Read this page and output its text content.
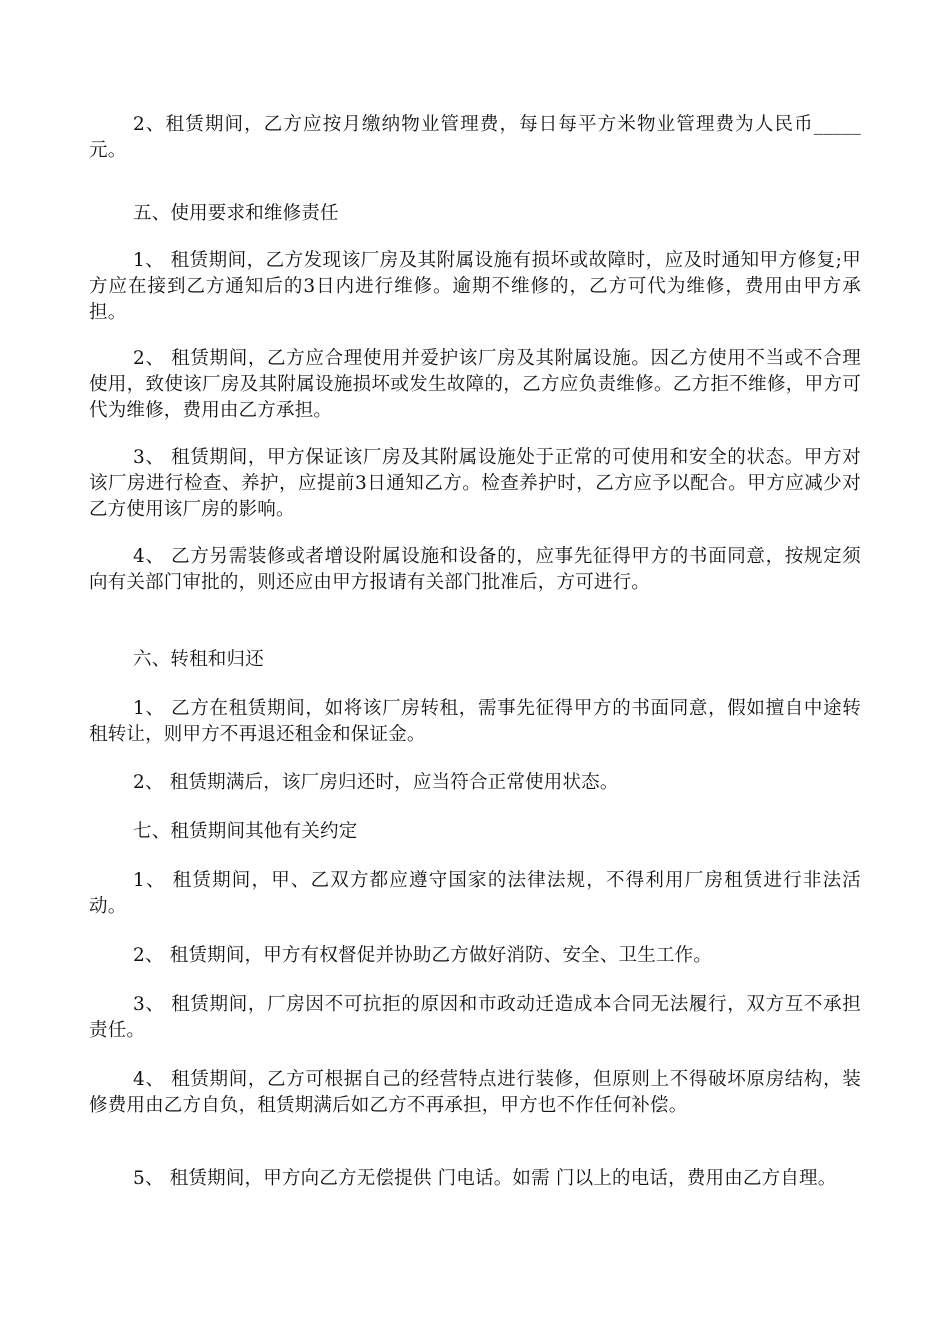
2、租赁期间，乙方应按月缴纳物业管理费，每日每平方米物业管理费为人民币_____元。

五、使用要求和维修责任

1、 租赁期间，乙方发现该厂房及其附属设施有损坏或故障时，应及时通知甲方修复;甲方应在接到乙方通知后的3日内进行维修。逾期不维修的，乙方可代为维修，费用由甲方承担。

2、 租赁期间，乙方应合理使用并爱护该厂房及其附属设施。因乙方使用不当或不合理使用，致使该厂房及其附属设施损坏或发生故障的，乙方应负责维修。乙方拒不维修，甲方可代为维修，费用由乙方承担。

3、 租赁期间，甲方保证该厂房及其附属设施处于正常的可使用和安全的状态。甲方对该厂房进行检查、养护，应提前3日通知乙方。检查养护时，乙方应予以配合。甲方应减少对乙方使用该厂房的影响。

4、 乙方另需装修或者增设附属设施和设备的，应事先征得甲方的书面同意，按规定须向有关部门审批的，则还应由甲方报请有关部门批准后，方可进行。

六、转租和归还

1、 乙方在租赁期间，如将该厂房转租，需事先征得甲方的书面同意，假如擅自中途转租转让，则甲方不再退还租金和保证金。

2、 租赁期满后，该厂房归还时，应当符合正常使用状态。

七、租赁期间其他有关约定

1、 租赁期间，甲、乙双方都应遵守国家的法律法规，不得利用厂房租赁进行非法活动。

2、 租赁期间，甲方有权督促并协助乙方做好消防、安全、卫生工作。

3、 租赁期间，厂房因不可抗拒的原因和市政动迁造成本合同无法履行，双方互不承担责任。

4、 租赁期间，乙方可根据自己的经营特点进行装修，但原则上不得破坏原房结构，装修费用由乙方自负，租赁期满后如乙方不再承担，甲方也不作任何补偿。

5、 租赁期间，甲方向乙方无偿提供 门电话。如需 门以上的电话，费用由乙方自理。
